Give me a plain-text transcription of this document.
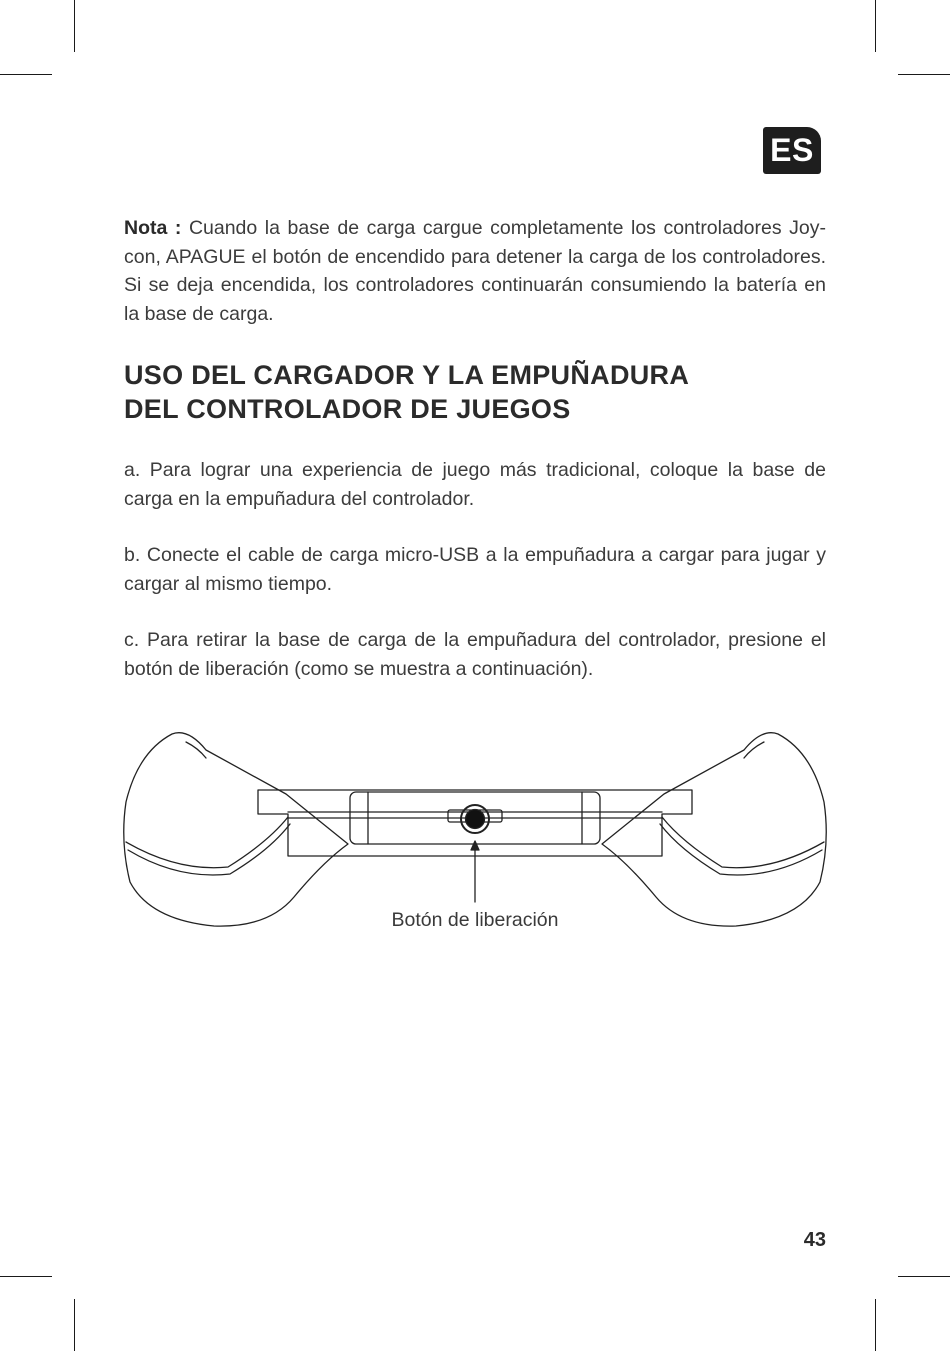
ES

Nota : Cuando la base de carga cargue completamente los controladores Joy-con, APAGUE el botón de encendido para detener la carga de los controladores. Si se deja encendida, los controladores continuarán consumiendo la batería en la base de carga.

USO DEL CARGADOR Y LA EMPUÑADURA
DEL CONTROLADOR DE JUEGOS

a. Para lograr una experiencia de juego más tradicional, coloque la base de carga en la empuñadura del controlador.

b. Conecte el cable de carga micro-USB a la empuñadura a cargar para jugar y cargar al mismo tiempo.

c. Para retirar la base de carga de la empuñadura del controlador, presione el botón de liberación (como se muestra a continuación).

Botón de liberación
43
